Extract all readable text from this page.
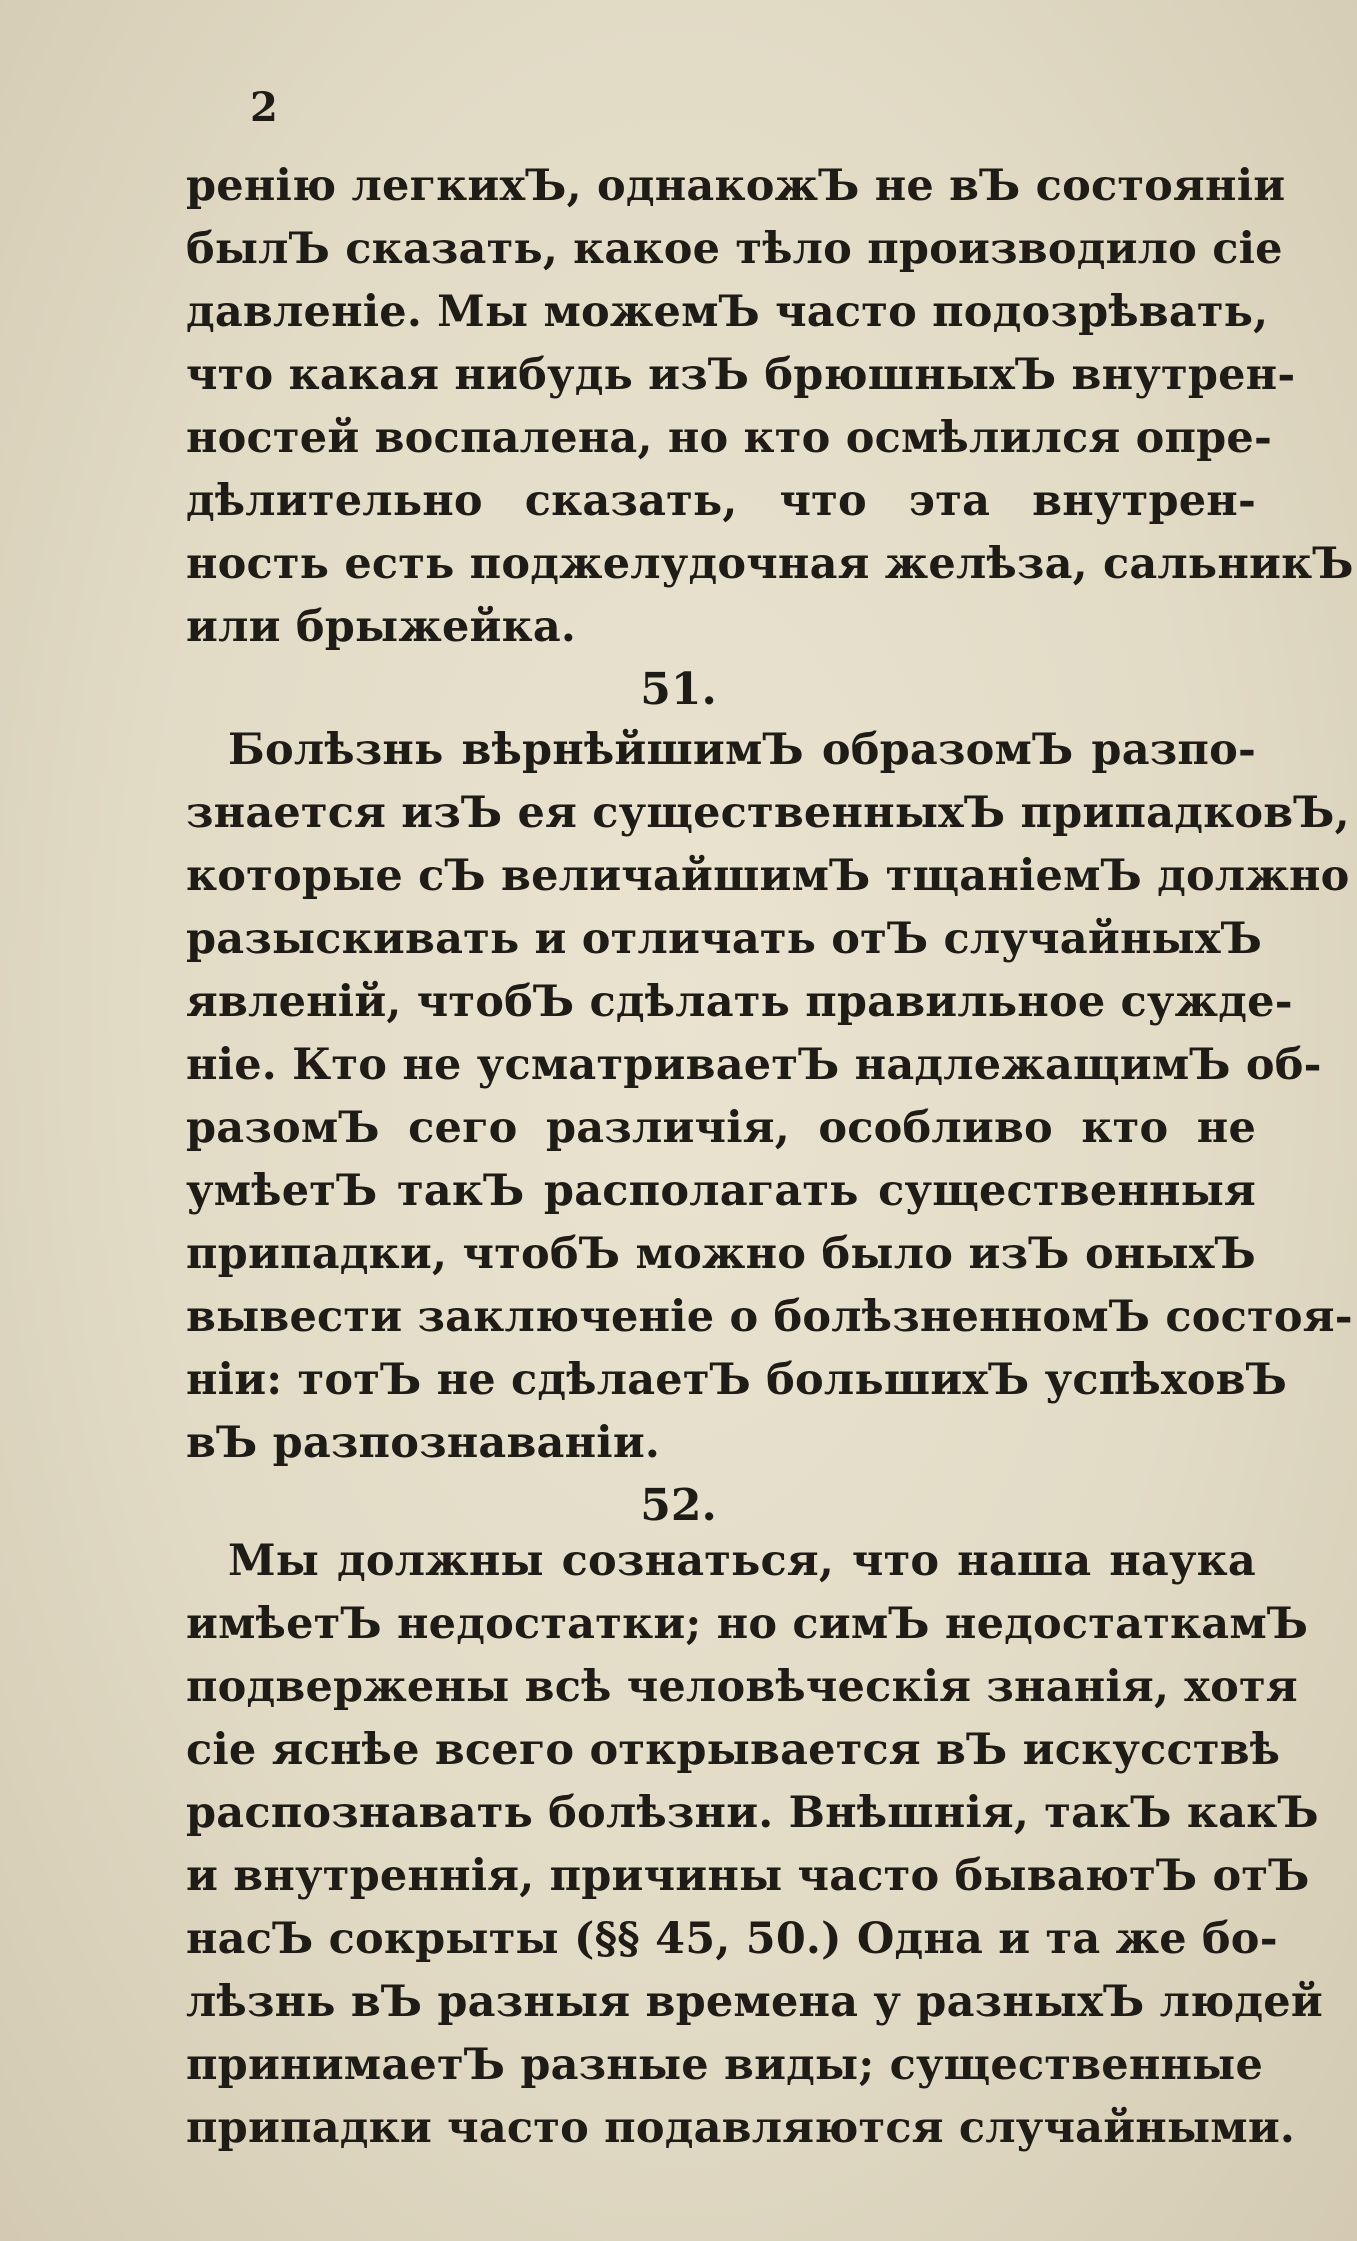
2
ренію легкихЪ, однакожЪ не вЪ состояніи
былЪ сказать, какое тѣло производило сіе
давленіе. Мы можемЪ часто подозрѣвать,
что какая нибудь изЪ брюшныхЪ внутрен-
ностей воспалена, но кто осмѣлился опре-
дѣлительно сказать, что эта внутрен-
ность есть поджелудочная желѣза, сальникЪ
или брыжейка.
51.
Болѣзнь вѣрнѣйшимЪ образомЪ разпо-
знается изЪ ея существенныхЪ припадковЪ,
которые сЪ величайшимЪ тщаніемЪ должно
разыскивать и отличать отЪ случайныхЪ
явленій, чтобЪ сдѣлать правильное сужде-
ніе. Кто не усматриваетЪ надлежащимЪ об-
разомЪ сего различія, особливо кто не
умѣетЪ такЪ располагать существенныя
припадки, чтобЪ можно было изЪ оныхЪ
вывести заключеніе о болѣзненномЪ состоя-
ніи: тотЪ не сдѣлаетЪ большихЪ успѣховЪ
вЪ разпознаваніи.
52.
Мы должны сознаться, что наша наука
имѣетЪ недостатки; но симЪ недостаткамЪ
подвержены всѣ человѣческія знанія, хотя
сіе яснѣе всего открывается вЪ искусствѣ
распознавать болѣзни. Внѣшнія, такЪ какЪ
и внутреннія, причины часто бываютЪ отЪ
насЪ сокрыты (§§ 45, 50.) Одна и та же бо-
лѣзнь вЪ разныя времена у разныхЪ людей
принимаетЪ разные виды; существенные
припадки часто подавляются случайными.
